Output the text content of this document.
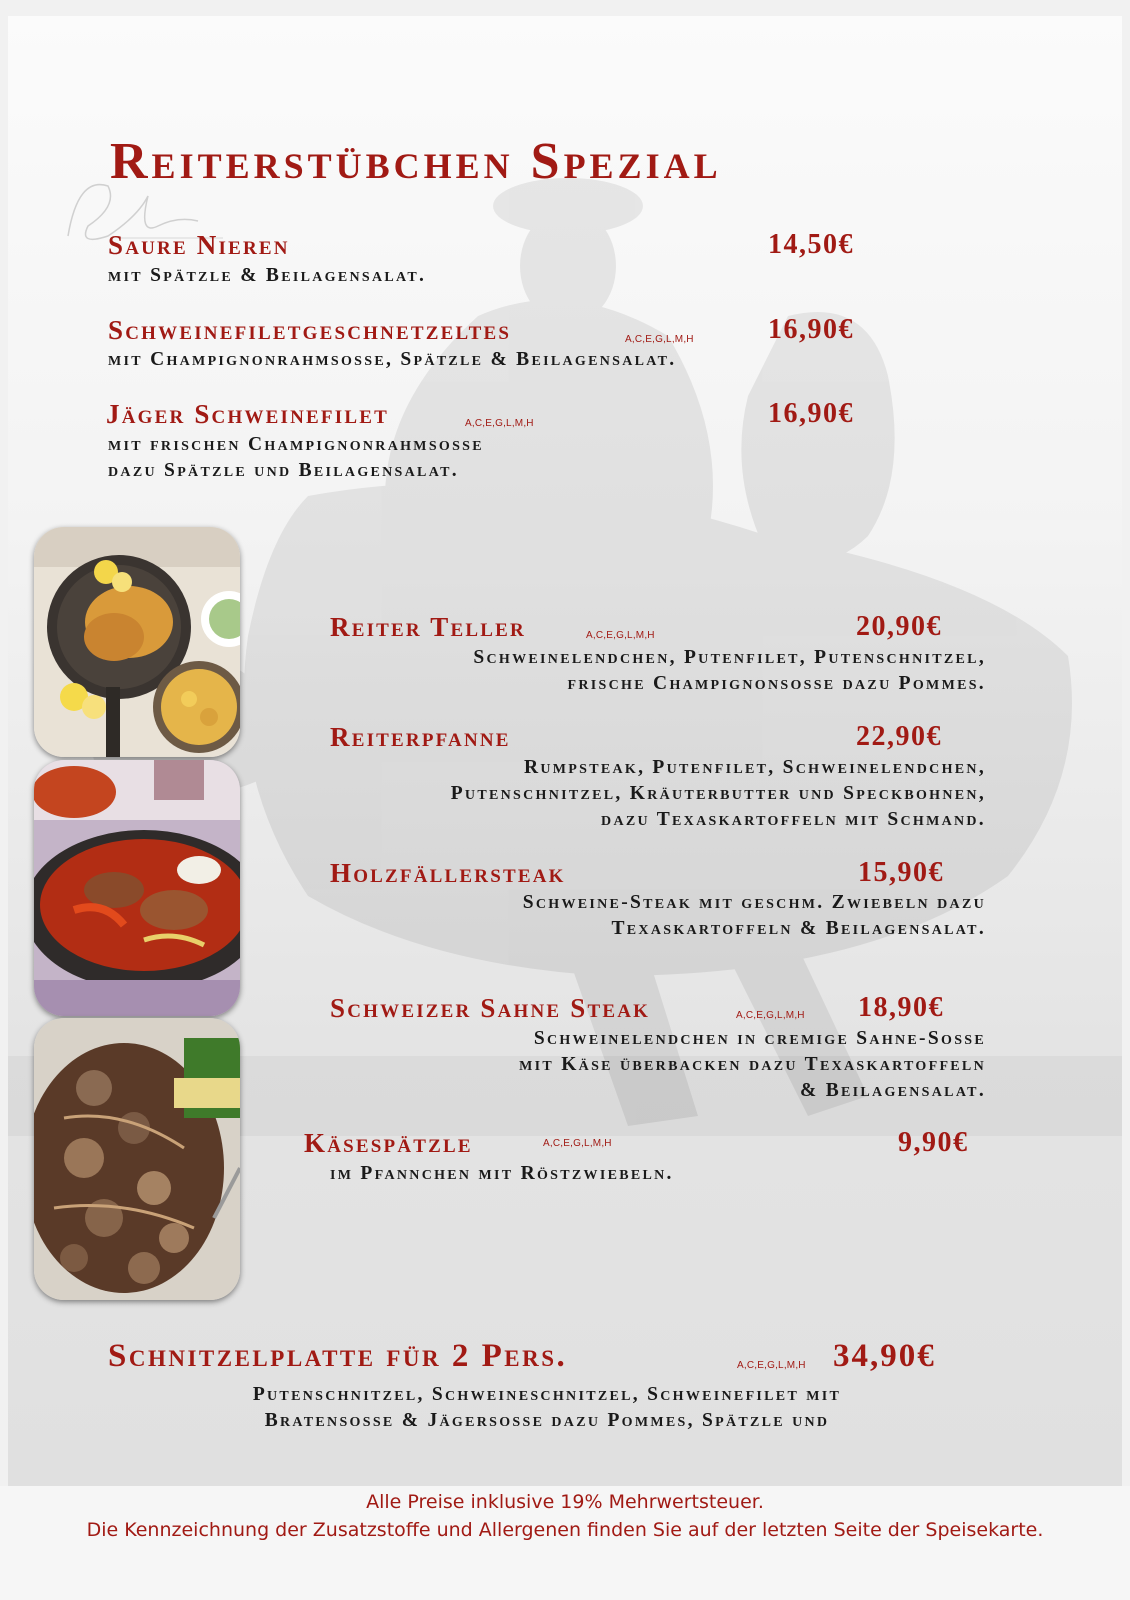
Reiterstübchen Spezial
Saure Nieren	14,50€
mit Spätzle & Beilagensalat.
Schweinefiletgeschnetzeltes	A,C,E,G,L,M,H	16,90€
mit Champignonrahmsosse, Spätzle & Beilagensalat.
Jäger Schweinefilet	A,C,E,G,L,M,H	16,90€
mit frischen Champignonrahmsosse
dazu Spätzle und Beilagensalat.
Reiter Teller	A,C,E,G,L,M,H	20,90€
Schweinelendchen, Putenfilet, Putenschnitzel,
frische Champignonsosse dazu Pommes.
Reiterpfanne	22,90€
Rumpsteak, Putenfilet, Schweinelendchen,
Putenschnitzel, Kräuterbutter und Speckbohnen,
dazu Texaskartoffeln mit Schmand.
Holzfällersteak	15,90€
Schweine-Steak mit geschm. Zwiebeln dazu
Texaskartoffeln & Beilagensalat.
Schweizer Sahne Steak	A,C,E,G,L,M,H 18,90€
Schweinelendchen in cremige Sahne-Sosse
mit Käse überbacken dazu Texaskartoffeln
& Beilagensalat.
Käsespätzle	A,C,E,G,L,M,H	9,90€
im Pfannchen mit Röstzwiebeln.
Schnitzelplatte für 2 Pers.	A,C,E,G,L,M,H 34,90€
Putenschnitzel, Schweineschnitzel, Schweinefilet mit
Bratensosse & Jägersosse dazu Pommes, Spätzle und
Alle Preise inklusive 19% Mehrwertsteuer.
Die Kennzeichnung der Zusatzstoffe und Allergenen finden Sie auf der letzten Seite der Speisekarte.
